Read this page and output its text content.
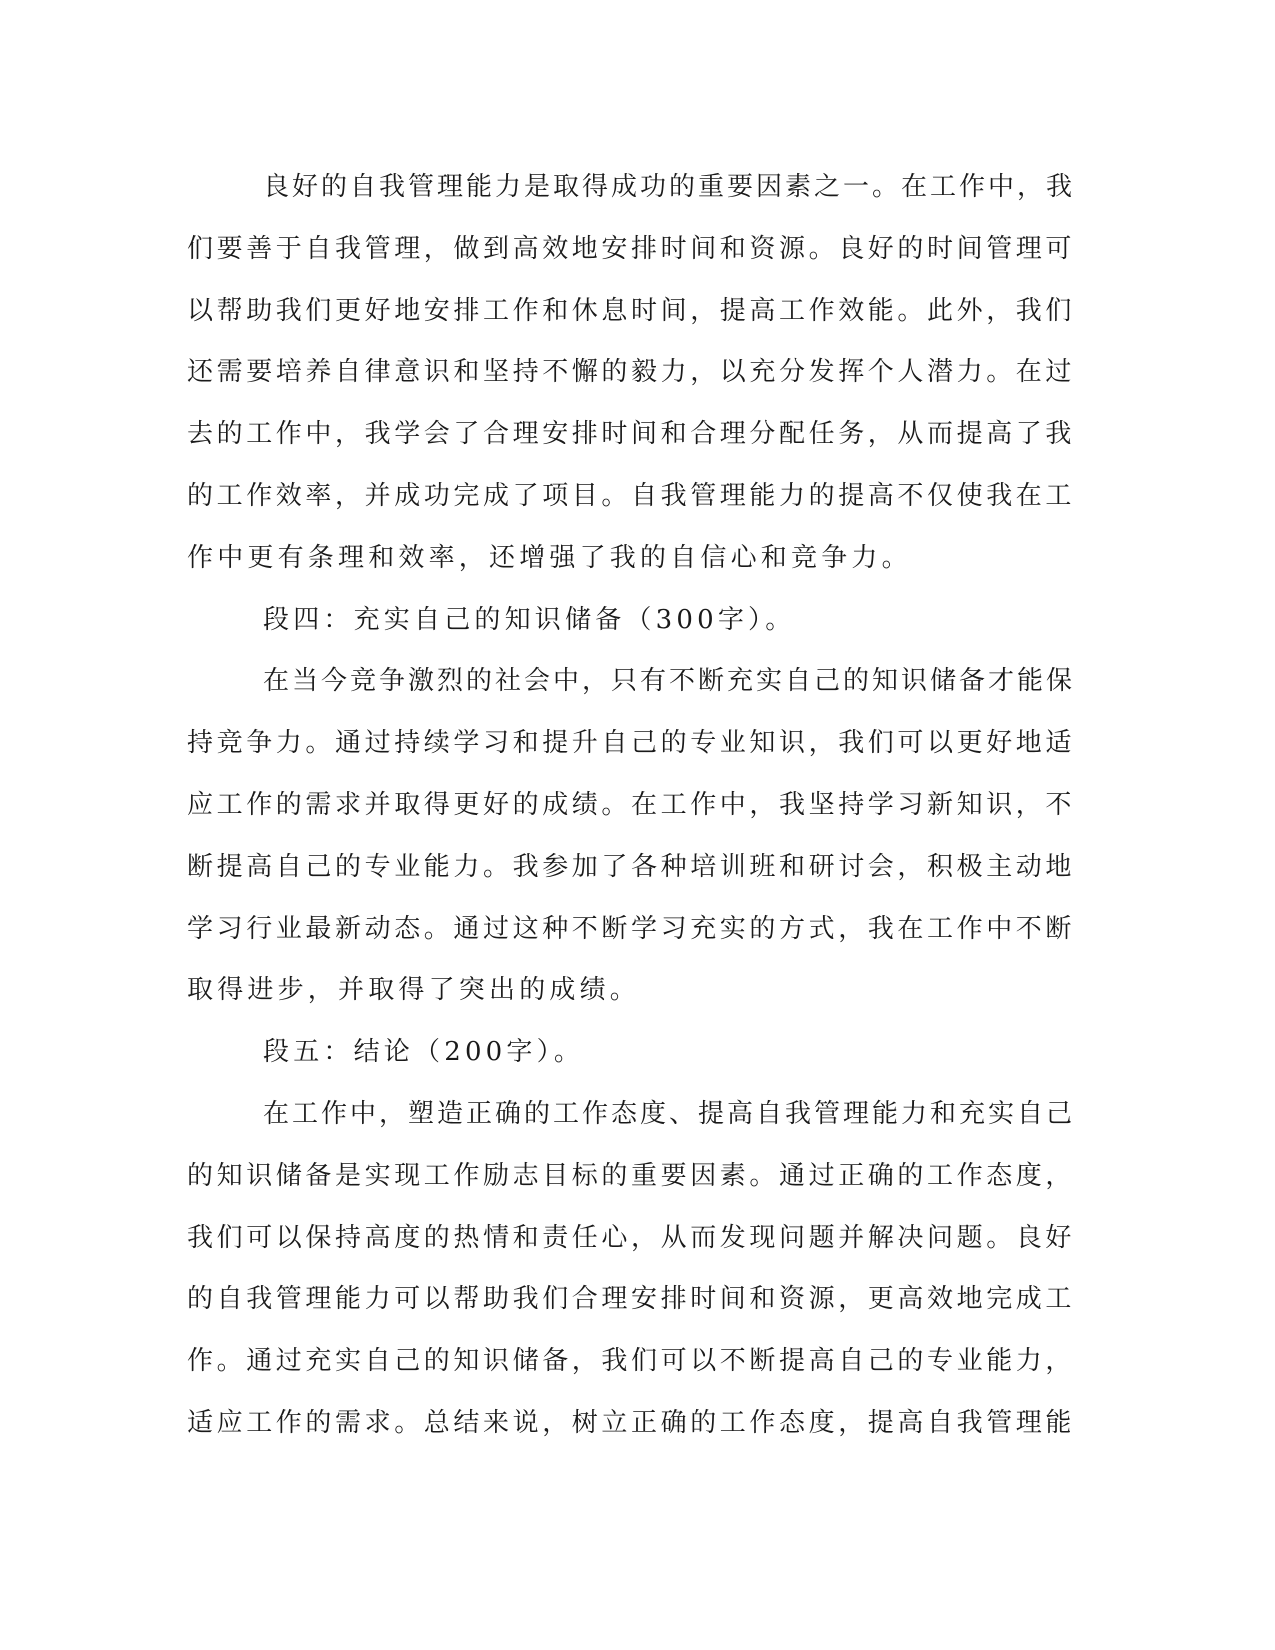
良好的自我管理能力是取得成功的重要因素之一。在工作中，我
们要善于自我管理，做到高效地安排时间和资源。良好的时间管理可
以帮助我们更好地安排工作和休息时间，提高工作效能。此外，我们
还需要培养自律意识和坚持不懈的毅力，以充分发挥个人潜力。在过
去的工作中，我学会了合理安排时间和合理分配任务，从而提高了我
的工作效率，并成功完成了项目。自我管理能力的提高不仅使我在工
作中更有条理和效率，还增强了我的自信心和竞争力。
段四：充实自己的知识储备（300字）。
在当今竞争激烈的社会中，只有不断充实自己的知识储备才能保
持竞争力。通过持续学习和提升自己的专业知识，我们可以更好地适
应工作的需求并取得更好的成绩。在工作中，我坚持学习新知识，不
断提高自己的专业能力。我参加了各种培训班和研讨会，积极主动地
学习行业最新动态。通过这种不断学习充实的方式，我在工作中不断
取得进步，并取得了突出的成绩。
段五：结论（200字）。
在工作中，塑造正确的工作态度、提高自我管理能力和充实自己
的知识储备是实现工作励志目标的重要因素。通过正确的工作态度，
我们可以保持高度的热情和责任心，从而发现问题并解决问题。良好
的自我管理能力可以帮助我们合理安排时间和资源，更高效地完成工
作。通过充实自己的知识储备，我们可以不断提高自己的专业能力，
适应工作的需求。总结来说，树立正确的工作态度，提高自我管理能
